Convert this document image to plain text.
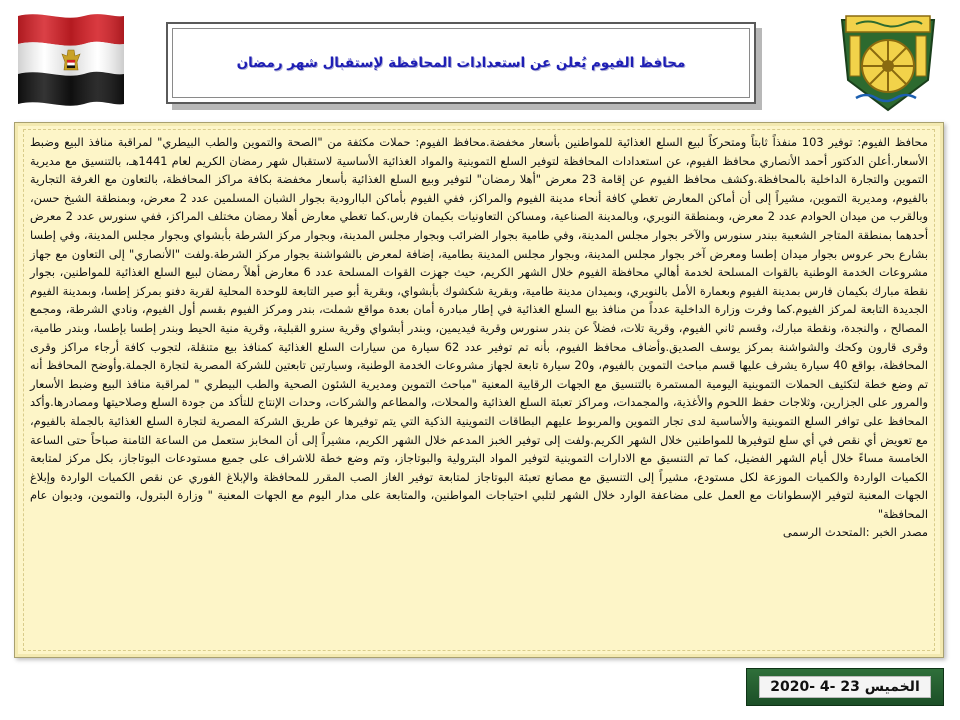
محافظ الفيوم يُعلن عن استعدادات المحافظة لإستقبال شهر رمضان

محافظ الفيوم: توفير 103 منفذاً ثابتاً ومتحركاً لبيع السلع الغذائية للمواطنين بأسعار مخفضة.محافظ الفيوم: حملات مكثفة من "الصحة والتموين والطب البيطري" لمراقبة منافذ البيع وضبط الأسعار.أعلن الدكتور أحمد الأنصاري محافظ الفيوم، عن استعدادات المحافظة لتوفير السلع التموينية والمواد الغذائية الأساسية لاستقبال شهر رمضان الكريم لعام 1441هـ، بالتنسيق مع مديرية التموين والتجارة الداخلية بالمحافظة.وكشف محافظ الفيوم عن إقامة 23 معرض "أهلا رمضان" لتوفير وبيع السلع الغذائية بأسعار مخفضة بكافة مراكز المحافظة، بالتعاون مع الغرفة التجارية بالفيوم، ومديرية التموين، مشيراً إلى أن أماكن المعارض تغطي كافة أنحاء مدينة الفيوم والمراكز، ففي الفيوم بأماكن الباارودية بجوار الشبان المسلمين عدد 2 معرض، وبمنطقة الشيخ حسن، وبالقرب من ميدان الحوادم عدد 2 معرض، وبمنطقة النويري، وبالمدينة الصناعية، ومساكن التعاونيات بكيمان فارس.كما تغطي معارض أهلا رمضان مختلف المراكز، ففي سنورس عدد 2 معرض أحدهما بمنطقة المتاجر الشعبية ببندر سنورس والآخر بجوار مجلس المدينة، وفي طامية بجوار الضرائب وبجوار مجلس المدينة، وبجوار مركز الشرطة بأبشواي وبجوار مجلس المدينة، وفي إطسا بشارع بحر عروس بجوار ميدان إطسا ومعرض آخر بجوار مجلس المدينة، وبجوار مجلس المدينة بطامية، إضافة لمعرض بالشواشنة بجوار مركز الشرطة.ولفت "الأنصاري" إلى التعاون مع جهاز مشروعات الخدمة الوطنية بالقوات المسلحة لخدمة أهالي محافظة الفيوم خلال الشهر الكريم، حيث جهزت القوات المسلحة عدد 6 معارض أهلاً رمضان لبيع السلع الغذائية للمواطنين، بجوار نقطة مبارك بكيمان فارس بمدينة الفيوم وبعمارة الأمل بالنويري، وبميدان مدينة طامية، وبقرية شكشوك بأبشواي، وبقرية أبو صير التابعة للوحدة المحلية لقرية دفنو بمركز إطسا، وبمدينة الفيوم الجديدة التابعة لمركز الفيوم.كما وفرت وزارة الداخلية عدداً من منافذ بيع السلع الغذائية في إطار مبادرة أمان بعدة مواقع شملت، بندر ومركز الفيوم بقسم أول الفيوم، ونادي الشرطة، ومجمع المصالح ، والنجدة، ونقطة مبارك، وقسم ثاني الفيوم، وقرية تلات، فضلاً عن بندر سنورس وقرية فيديمين، وبندر أبشواي وقرية سنرو القبلية، وقرية منية الحيط وبندر إطسا بإطسا، وبندر طامية، وقرى قارون وكحك والشواشنة بمركز يوسف الصديق.وأضاف محافظ الفيوم، بأنه تم توفير عدد 62 سيارة من سيارات السلع الغذائية كمنافذ بيع متنقلة، لتجوب كافة أرجاء مراكز وقرى المحافظة، بواقع 40 سيارة يشرف عليها قسم مباحث التموين بالفيوم، و20 سيارة تابعة لجهاز مشروعات الخدمة الوطنية، وسيارتين تابعتين للشركة المصرية لتجارة الجملة.وأوضح المحافظ أنه تم وضع خطة لتكثيف الحملات التموينية اليومية المستمرة بالتنسيق مع الجهات الرقابية المعنية "مباحث التموين ومديرية الشئون الصحية والطب البيطري " لمراقبة منافذ البيع وضبط الأسعار والمرور على الجزارين، وثلاجات حفظ اللحوم والأغذية، والمجمدات، ومراكز تعبئة السلع الغذائية والمحلات، والمطاعم والشركات، وحدات الإنتاج للتأكد من جودة السلع وصلاحيتها ومصادرها.وأكد المحافظ على توافر السلع التموينية والأساسية لدى تجار التموين والمربوط عليهم البطاقات التموينية الذكية التي يتم توفيرها عن طريق الشركة المصرية لتجارة السلع الغذائية بالجملة بالفيوم، مع تعويض أي نقص في أي سلع لتوفيرها للمواطنين خلال الشهر الكريم.ولفت إلى توفير الخبز المدعم خلال الشهر الكريم، مشيراً إلى أن المخابز ستعمل من الساعة الثامنة صباحاً حتى الساعة الخامسة مساءً خلال أيام الشهر الفضيل، كما تم التنسيق مع الادارات التموينية لتوفير المواد البترولية والبوتاجاز، وتم وضع خطة للاشراف على جميع مستودعات البوتاجاز، بكل مركز لمتابعة الكميات الواردة والكميات الموزعة لكل مستودع، مشيراً إلى التنسيق مع مصانع تعبئة البوتاجاز لمتابعة توفير الغاز الصب المقرر للمحافظة والإبلاغ الفوري عن نقص الكميات الواردة وإبلاغ الجهات المعنية لتوفير الإسطوانات مع العمل على مضاعفة الوارد خلال الشهر لتلبي احتياجات المواطنين، والمتابعة على مدار اليوم مع الجهات المعنية " وزارة البترول، والتموين، وديوان عام المحافظة"

مصدر الخبر :المتحدث الرسمى

الخميس 23 -4 -2020
